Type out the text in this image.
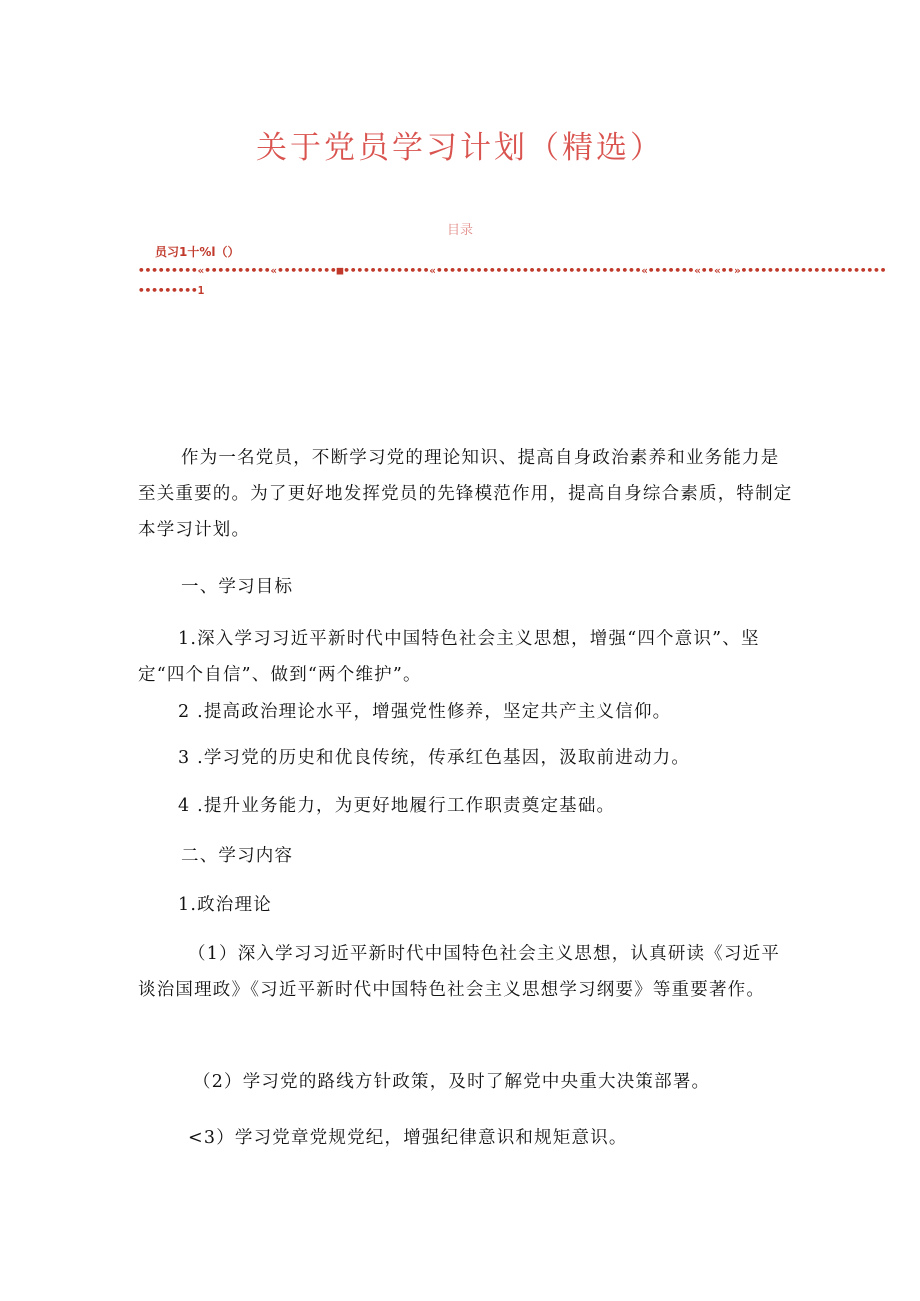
关于党员学习计划（精选）
目录
员习1十%l（）
•••••••••«••••••••••«•••••••••■•••••••••••••«•••••••••••••••••••••••••••••••«•••••••«••«••»••••••••••••••••••••••
•••••••••1

作为一名党员，不断学习党的理论知识、提高自身政治素养和业务能力是至关重要的。为了更好地发挥党员的先锋模范作用，提高自身综合素质，特制定本学习计划。

一、学习目标

1.深入学习习近平新时代中国特色社会主义思想，增强“四个意识”、坚定“四个自信”、做到“两个维护”。

2 .提高政治理论水平，增强党性修养，坚定共产主义信仰。

3 .学习党的历史和优良传统，传承红色基因，汲取前进动力。

4 .提升业务能力，为更好地履行工作职责奠定基础。

二、学习内容

1.政治理论

（1）深入学习习近平新时代中国特色社会主义思想，认真研读《习近平谈治国理政》《习近平新时代中国特色社会主义思想学习纲要》等重要著作。

（2）学习党的路线方针政策，及时了解党中央重大决策部署。

<3）学习党章党规党纪，增强纪律意识和规矩意识。
